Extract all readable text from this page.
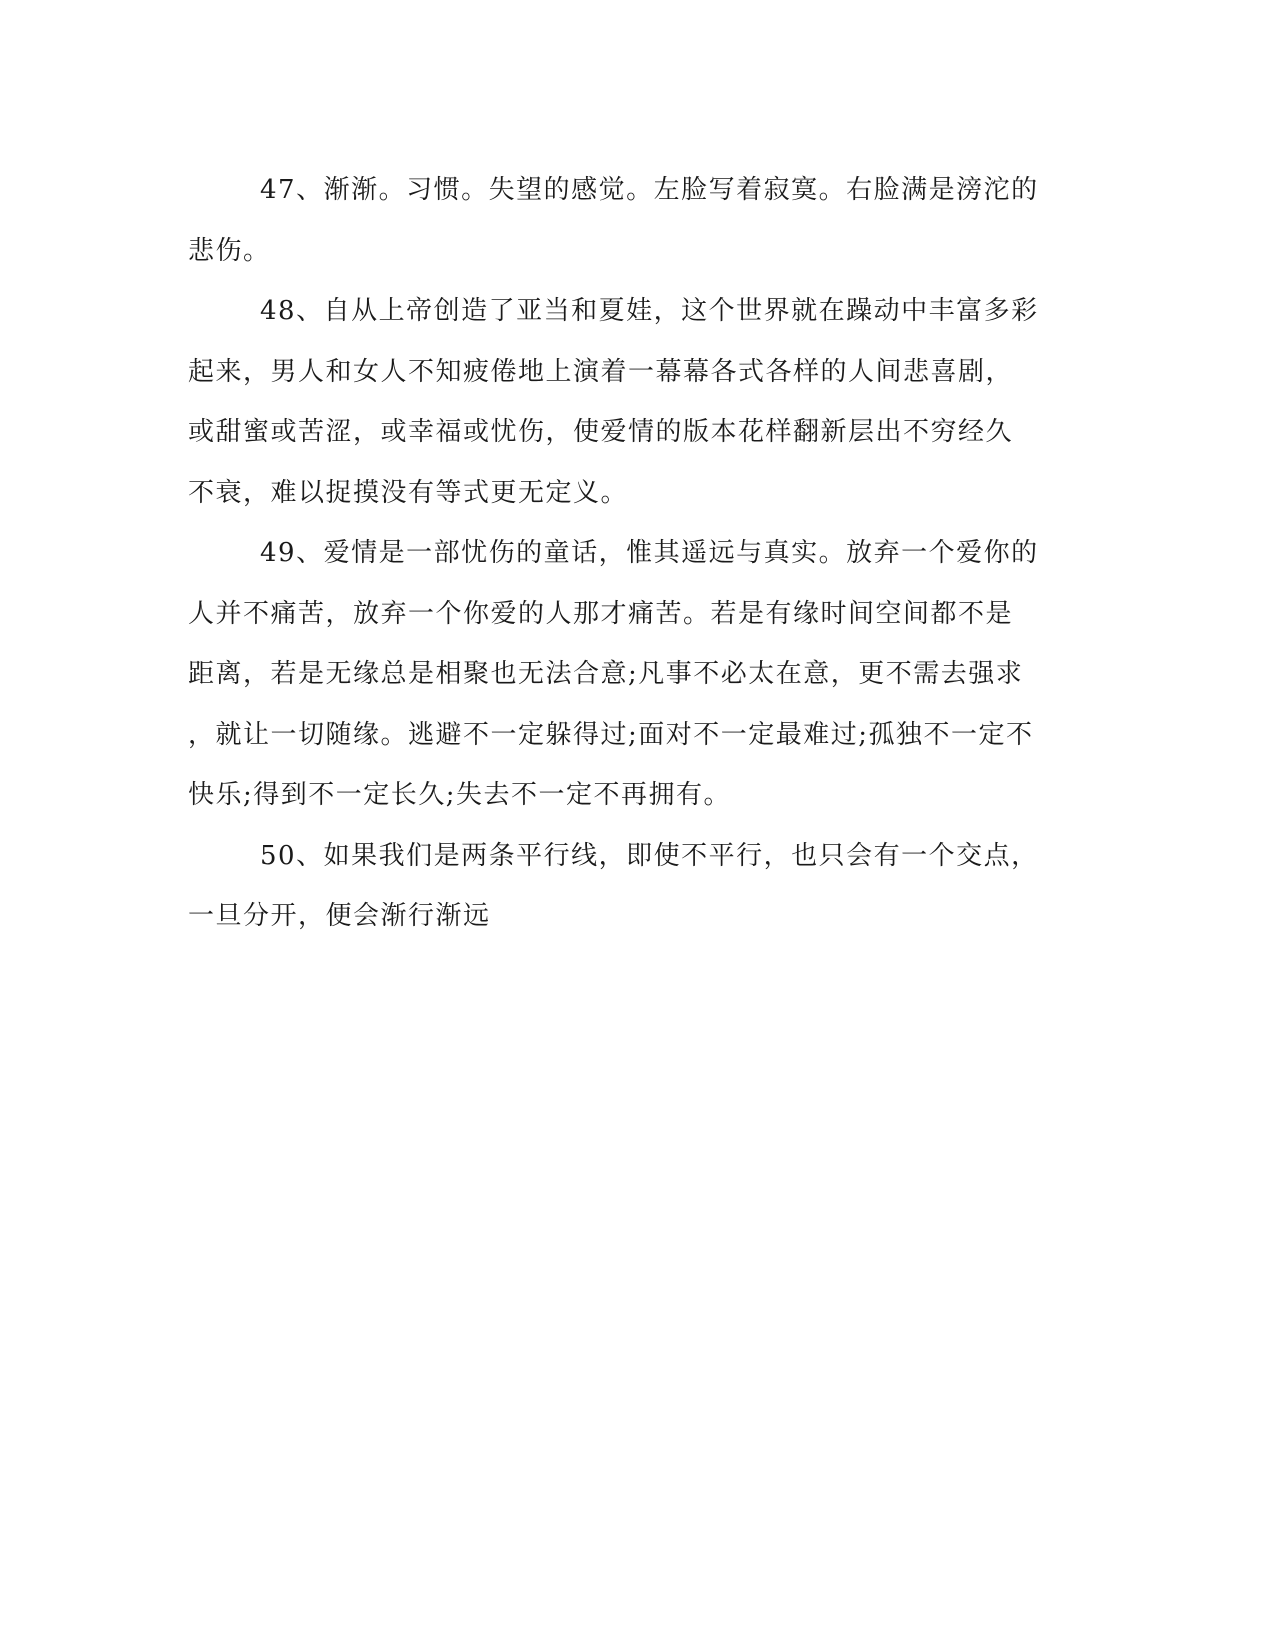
47、渐渐。习惯。失望的感觉。左脸写着寂寞。右脸满是滂沱的
悲伤。

48、自从上帝创造了亚当和夏娃，这个世界就在躁动中丰富多彩
起来，男人和女人不知疲倦地上演着一幕幕各式各样的人间悲喜剧，
或甜蜜或苦涩，或幸福或忧伤，使爱情的版本花样翻新层出不穷经久
不衰，难以捉摸没有等式更无定义。

49、爱情是一部忧伤的童话，惟其遥远与真实。放弃一个爱你的
人并不痛苦，放弃一个你爱的人那才痛苦。若是有缘时间空间都不是
距离，若是无缘总是相聚也无法合意;凡事不必太在意，更不需去强求
，就让一切随缘。逃避不一定躲得过;面对不一定最难过;孤独不一定不
快乐;得到不一定长久;失去不一定不再拥有。

50、如果我们是两条平行线，即使不平行，也只会有一个交点，
一旦分开，便会渐行渐远
